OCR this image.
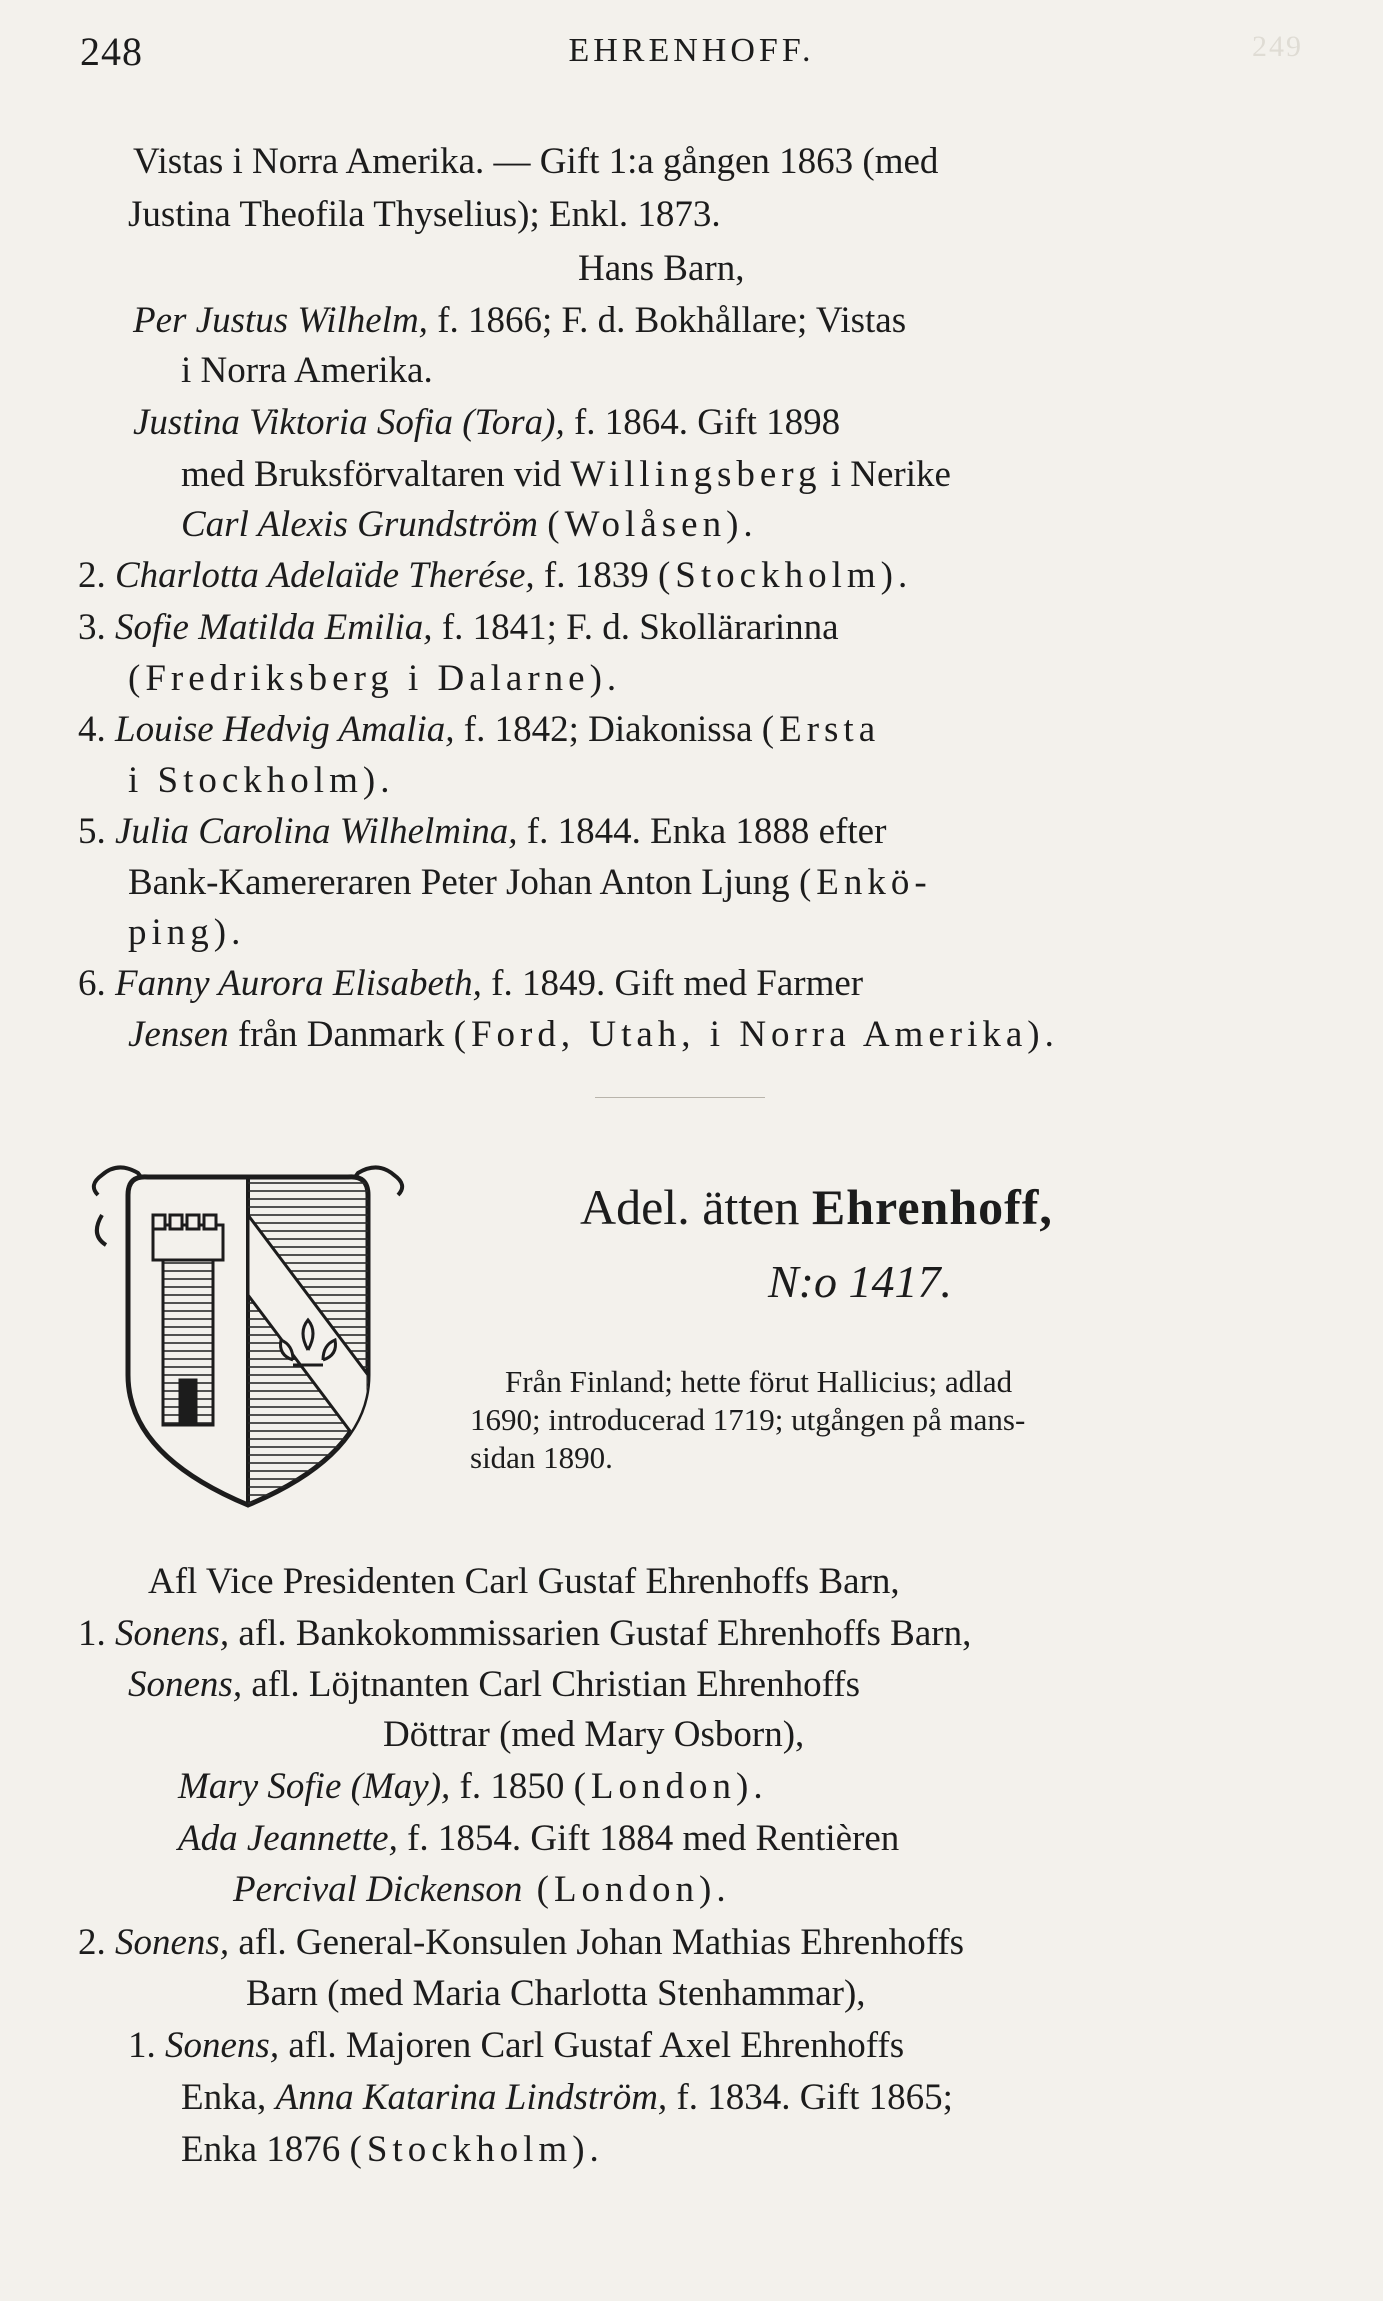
248	EHRENHOFF.	249
Vistas i Norra Amerika. — Gift 1:a gången 1863 (med
Justina Theofila Thyselius); Enkl. 1873.
Hans Barn,
Per Justus Wilhelm, f. 1866; F. d. Bokhållare; Vistas
i Norra Amerika.
Justina Viktoria Sofia (Tora), f. 1864. Gift 1898
med Bruksförvaltaren vid Willingsberg i Nerike
Carl Alexis Grundström (Wolåsen).
2. Charlotta Adelaïde Therése, f. 1839 (Stockholm).
3. Sofie Matilda Emilia, f. 1841; F. d. Skollärarinna
(Fredriksberg i Dalarne).
4. Louise Hedvig Amalia, f. 1842; Diakonissa (Ersta
i Stockholm).
5. Julia Carolina Wilhelmina, f. 1844. Enka 1888 efter
Bank-Kamereraren Peter Johan Anton Ljung (Enkö-
ping).
6. Fanny Aurora Elisabeth, f. 1849. Gift med Farmer
Jensen från Danmark (Ford, Utah, i Norra Amerika).
Adel. ätten Ehrenhoff,
N:o 1417.
Från Finland; hette förut Hallicius; adlad
1690; introducerad 1719; utgången på mans-
sidan 1890.
Afl Vice Presidenten Carl Gustaf Ehrenhoffs Barn,
1. Sonens, afl. Bankokommissarien Gustaf Ehrenhoffs Barn,
Sonens, afl. Löjtnanten Carl Christian Ehrenhoffs
Döttrar (med Mary Osborn),
Mary Sofie (May), f. 1850 (London).
Ada Jeannette, f. 1854. Gift 1884 med Rentièren
Percival Dickenson (London).
2. Sonens, afl. General-Konsulen Johan Mathias Ehrenhoffs
Barn (med Maria Charlotta Stenhammar),
1. Sonens, afl. Majoren Carl Gustaf Axel Ehrenhoffs
Enka, Anna Katarina Lindström, f. 1834. Gift 1865;
Enka 1876 (Stockholm).
